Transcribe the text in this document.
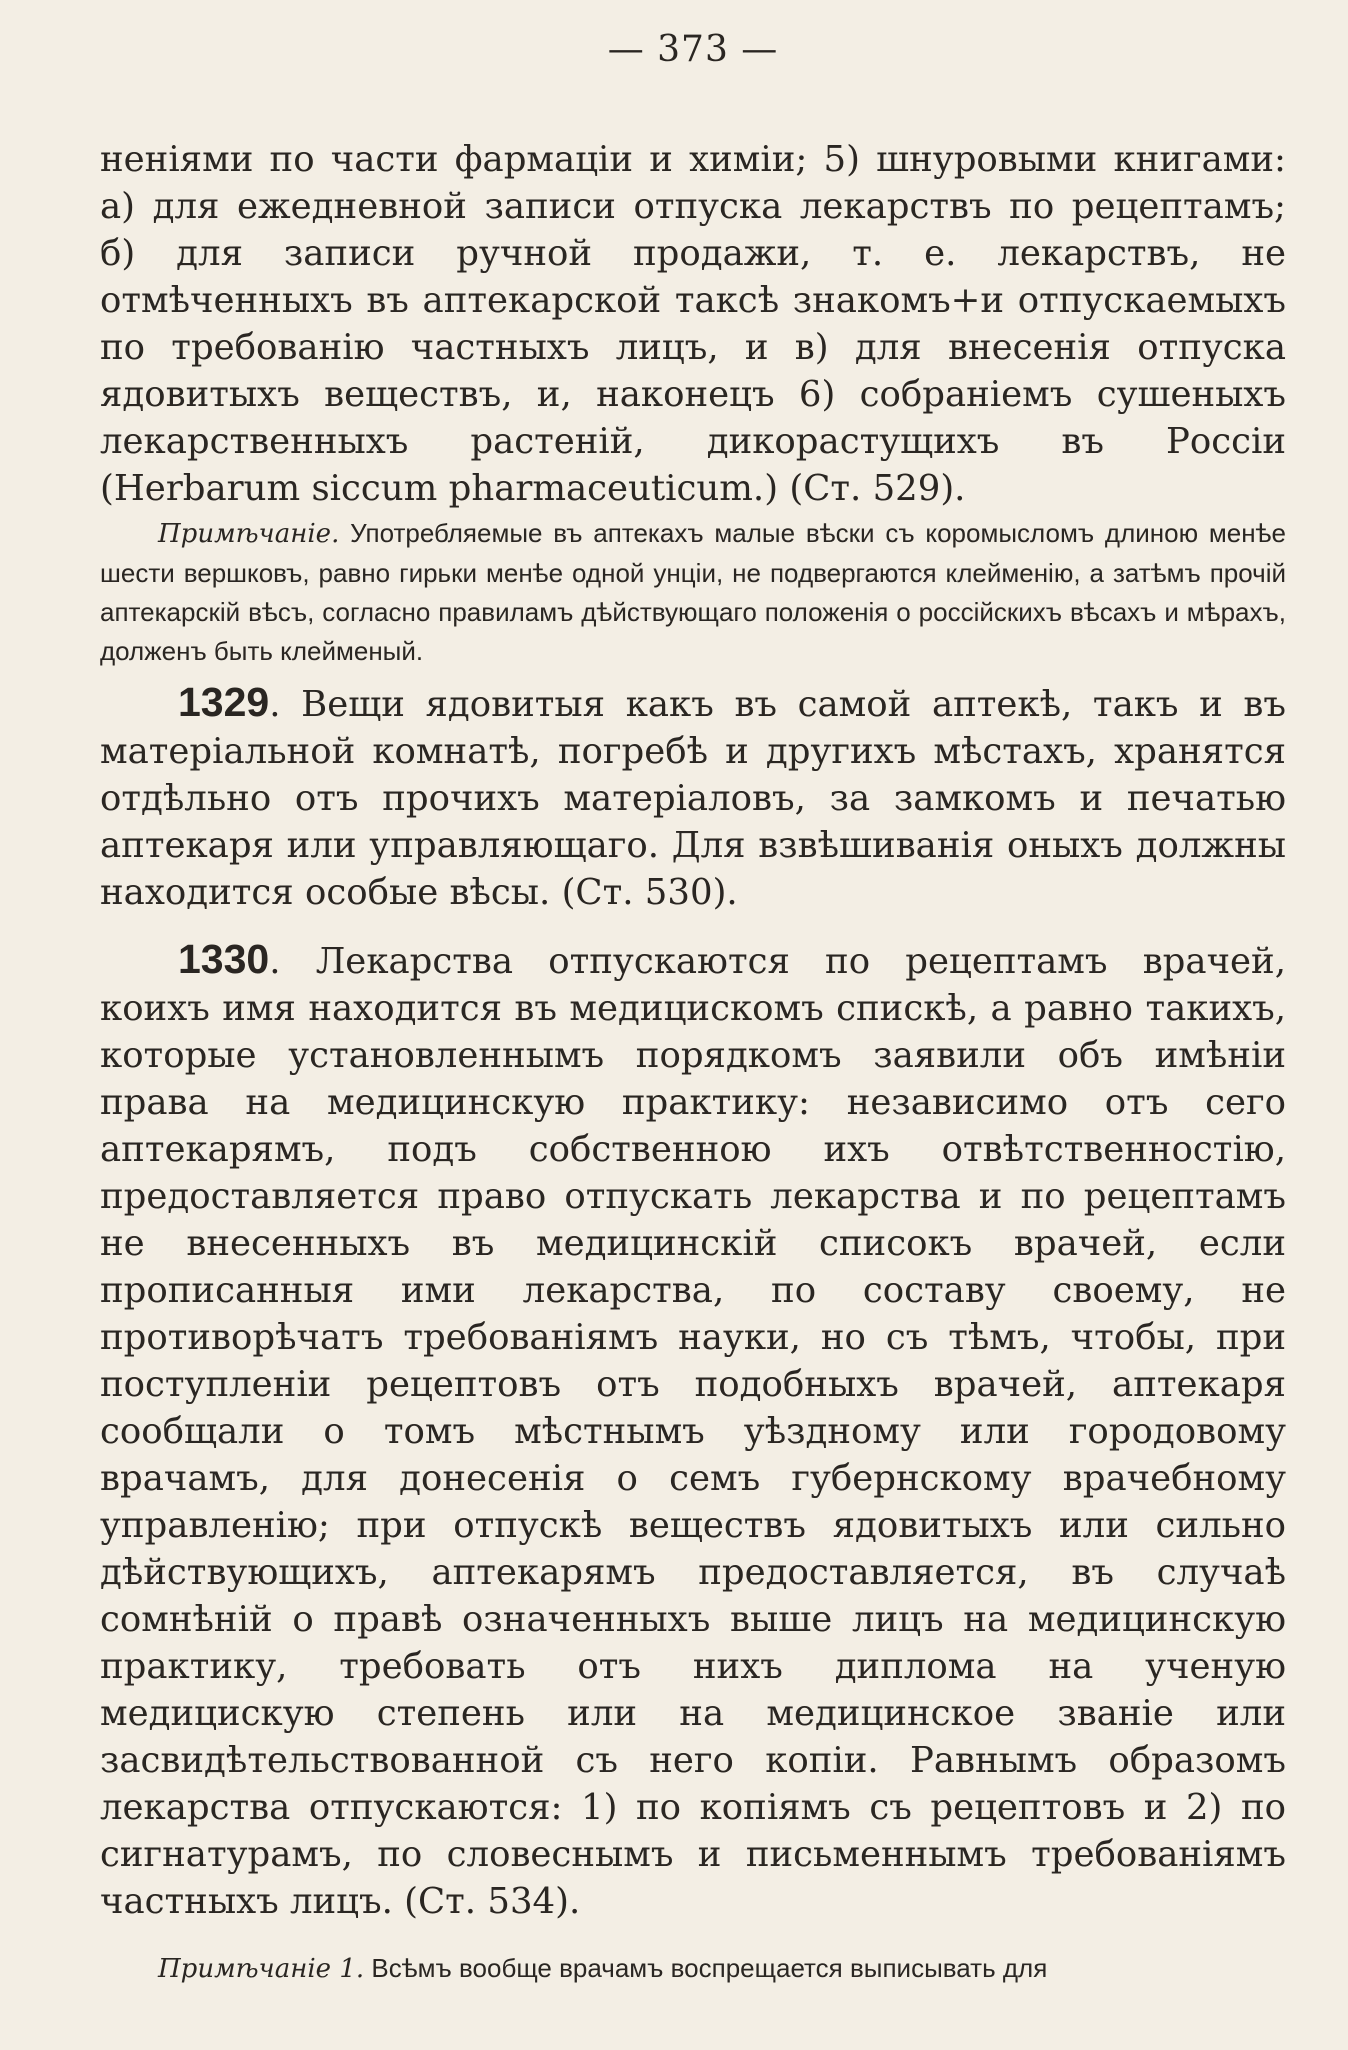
— 373 —

неніями по части фармаціи и химіи; 5) шнуровыми книгами: а) для ежедневной записи отпуска лекарствъ по рецептамъ; б) для записи ручной продажи, т. е. лекарствъ, не отмѣченныхъ въ аптекарской таксѣ знакомъ+и отпускаемыхъ по требованію частныхъ лицъ, и в) для внесенія отпуска ядовитыхъ веществъ, и, наконецъ 6) собраніемъ сушеныхъ лекарственныхъ растеній, дикорастущихъ въ Россіи (Herbarum siccum pharmaceuticum.) (Ст. 529).

Примѣчаніе. Употребляемые въ аптекахъ малые вѣски съ коромысломъ длиною менѣе шести вершковъ, равно гирьки менѣе одной унціи, не подвергаются клейменію, а затѣмъ прочій аптекарскій вѣсъ, согласно правиламъ дѣйствующаго положенія о россійскихъ вѣсахъ и мѣрахъ, долженъ быть клейменый.

1329. Вещи ядовитыя какъ въ самой аптекѣ, такъ и въ матеріальной комнатѣ, погребѣ и другихъ мѣстахъ, хранятся отдѣльно отъ прочихъ матеріаловъ, за замкомъ и печатью аптекаря или управляющаго. Для взвѣшиванія оныхъ должны находится особые вѣсы. (Ст. 530).

1330. Лекарства отпускаются по рецептамъ врачей, коихъ имя находится въ медицискомъ спискѣ, а равно такихъ, которые установленнымъ порядкомъ заявили объ имѣніи права на медицинскую практику: независимо отъ сего аптекарямъ, подъ собственною ихъ отвѣтственностію, предоставляется право отпускать лекарства и по рецептамъ не внесенныхъ въ медицинскій списокъ врачей, если прописанныя ими лекарства, по составу своему, не противорѣчатъ требованіямъ науки, но съ тѣмъ, чтобы, при поступленіи рецептовъ отъ подобныхъ врачей, аптекаря сообщали о томъ мѣстнымъ уѣздному или городовому врачамъ, для донесенія о семъ губернскому врачебному управленію; при отпускѣ веществъ ядовитыхъ или сильно дѣйствующихъ, аптекарямъ предоставляется, въ случаѣ сомнѣній о правѣ означенныхъ выше лицъ на медицинскую практику, требовать отъ нихъ диплома на ученую медицискую степень или на медицинское званіе или засвидѣтельствованной съ него копіи. Равнымъ образомъ лекарства отпускаются: 1) по копіямъ съ рецептовъ и 2) по сигнатурамъ, по словеснымъ и письменнымъ требованіямъ частныхъ лицъ. (Ст. 534).

Примѣчаніе 1. Всѣмъ вообще врачамъ воспрещается выписывать для
